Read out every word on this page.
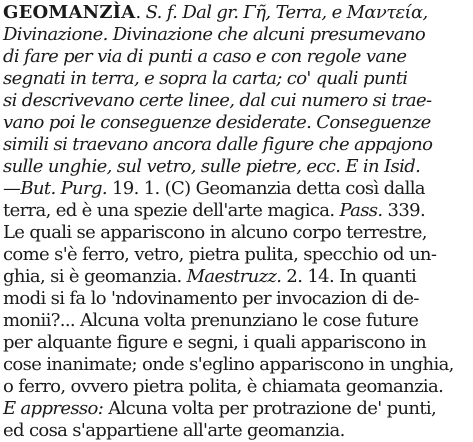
GEOMANZÌA. S. f. Dal gr. Γῆ, Terra, e Μαντεία,
Divinazione. Divinazione che alcuni presumevano
di fare per via di punti a caso e con regole vane
segnati in terra, e sopra la carta; co' quali punti
si descrivevano certe linee, dal cui numero si trae-
vano poi le conseguenze desiderate. Conseguenze
simili si traevano ancora dalle figure che appajono
sulle unghie, sul vetro, sulle pietre, ecc. E in Isid.
—But. Purg. 19. 1. (C) Geomanzia detta così dalla
terra, ed è una spezie dell'arte magica. Pass. 339.
Le quali se appariscono in alcuno corpo terrestre,
come s'è ferro, vetro, pietra pulita, specchio od un-
ghia, si è geomanzia. Maestruzz. 2. 14. In quanti
modi si fa lo 'ndovinamento per invocazion di de-
monii?... Alcuna volta prenunziano le cose future
per alquante figure e segni, i quali appariscono in
cose inanimate; onde s'eglino appariscono in unghia,
o ferro, ovvero pietra polita, è chiamata geomanzia.
E appresso: Alcuna volta per protrazione de' punti,
ed cosa s'appartiene all'arte geomanzia.
